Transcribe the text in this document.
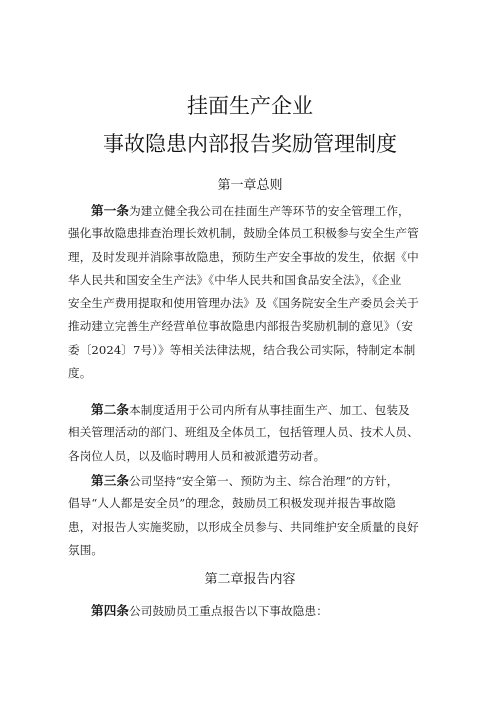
挂面生产企业
事故隐患内部报告奖励管理制度
第一章总则
第一条为建立健全我公司在挂面生产等环节的安全管理工作，
强化事故隐患排查治理长效机制，鼓励全体员工积极参与安全生产管
理，及时发现并消除事故隐患，预防生产安全事故的发生，依据《中
华人民共和国安全生产法》《中华人民共和国食品安全法》，《企业
安全生产费用提取和使用管理办法》及《国务院安全生产委员会关于
推动建立完善生产经营单位事故隐患内部报告奖励机制的意见》（安
委〔2024〕7号）》等相关法律法规，结合我公司实际，特制定本制
度。
第二条本制度适用于公司内所有从事挂面生产、加工、包装及
相关管理活动的部门、班组及全体员工，包括管理人员、技术人员、
各岗位人员，以及临时聘用人员和被派遣劳动者。
第三条公司坚持“安全第一、预防为主、综合治理”的方针，
倡导“人人都是安全员”的理念，鼓励员工积极发现并报告事故隐
患，对报告人实施奖励，以形成全员参与、共同维护安全质量的良好
氛围。
第二章报告内容
第四条公司鼓励员工重点报告以下事故隐患：
